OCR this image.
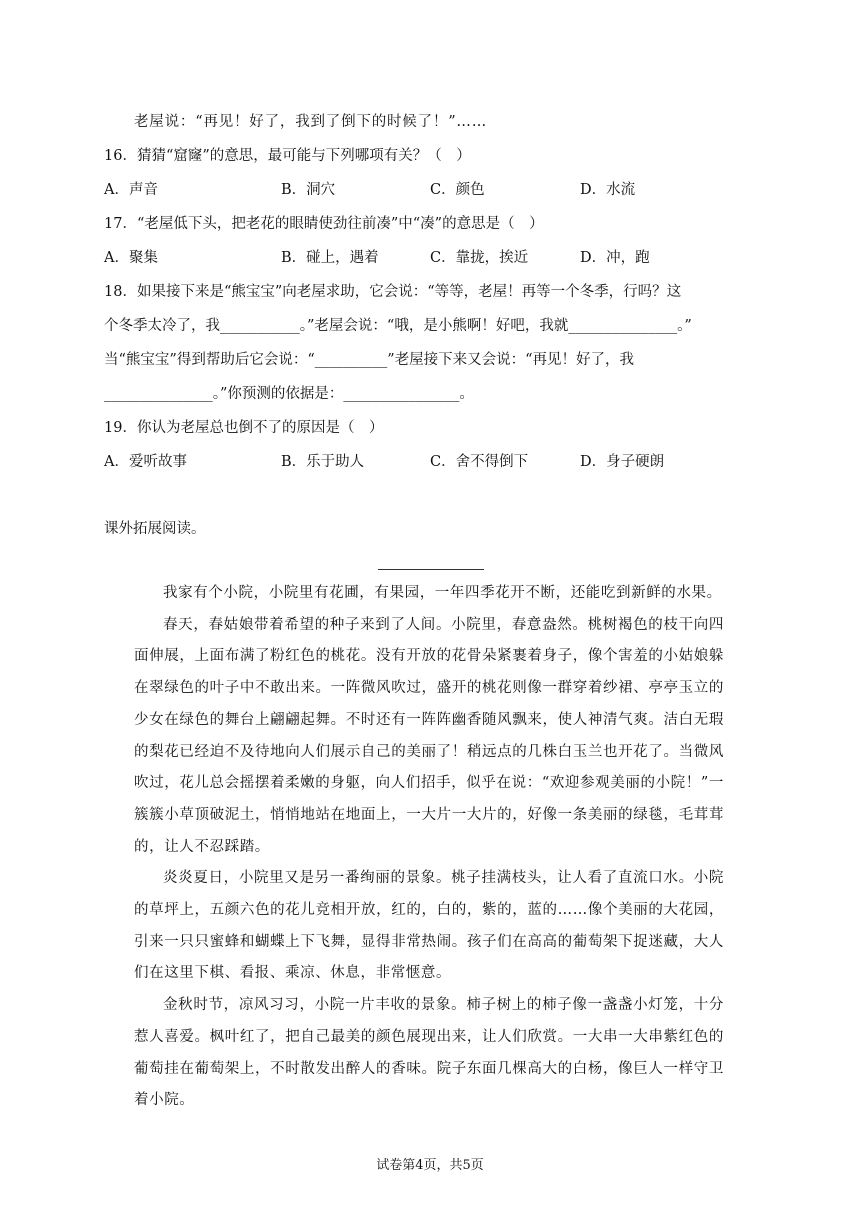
老屋说：“再见！好了，我到了倒下的时候了！”……
16．猜猜“窟窿”的意思，最可能与下列哪项有关？（　）
A．声音	B．洞穴	C．颜色	D．水流
17．“老屋低下头，把老花的眼睛使劲往前凑”中“凑”的意思是（　）
A．聚集	B．碰上，遇着	C．靠拢，挨近	D．冲，跑
18．如果接下来是“熊宝宝”向老屋求助，它会说：“等等，老屋！再等一个冬季，行吗？这
个冬季太冷了，我___________。”老屋会说：“哦，是小熊啊！好吧，我就_______________。”
当“熊宝宝”得到帮助后它会说：“__________”老屋接下来又会说：“再见！好了，我
_______________。”你预测的依据是：________________。
19．你认为老屋总也倒不了的原因是（　）
A．爱听故事	B．乐于助人	C．舍不得倒下	D．身子硬朗
课外拓展阅读。

我家有个小院，小院里有花圃，有果园，一年四季花开不断，还能吃到新鲜的水果。

春天，春姑娘带着希望的种子来到了人间。小院里，春意盎然。桃树褐色的枝干向四面伸展，上面布满了粉红色的桃花。没有开放的花骨朵紧裹着身子，像个害羞的小姑娘躲在翠绿色的叶子中不敢出来。一阵微风吹过，盛开的桃花则像一群穿着纱裙、亭亭玉立的少女在绿色的舞台上翩翩起舞。不时还有一阵阵幽香随风飘来，使人神清气爽。洁白无瑕的梨花已经迫不及待地向人们展示自己的美丽了！稍远点的几株白玉兰也开花了。当微风吹过，花儿总会摇摆着柔嫩的身躯，向人们招手，似乎在说：“欢迎参观美丽的小院！”一簇簇小草顶破泥土，悄悄地站在地面上，一大片一大片的，好像一条美丽的绿毯，毛茸茸的，让人不忍踩踏。

炎炎夏日，小院里又是另一番绚丽的景象。桃子挂满枝头，让人看了直流口水。小院的草坪上，五颜六色的花儿竞相开放，红的，白的，紫的，蓝的……像个美丽的大花园，引来一只只蜜蜂和蝴蝶上下飞舞，显得非常热闹。孩子们在高高的葡萄架下捉迷藏，大人们在这里下棋、看报、乘凉、休息，非常惬意。

金秋时节，凉风习习，小院一片丰收的景象。柿子树上的柿子像一盏盏小灯笼，十分惹人喜爱。枫叶红了，把自己最美的颜色展现出来，让人们欣赏。一大串一大串紫红色的葡萄挂在葡萄架上，不时散发出醉人的香味。院子东面几棵高大的白杨，像巨人一样守卫着小院。

试卷第4页，共5页
